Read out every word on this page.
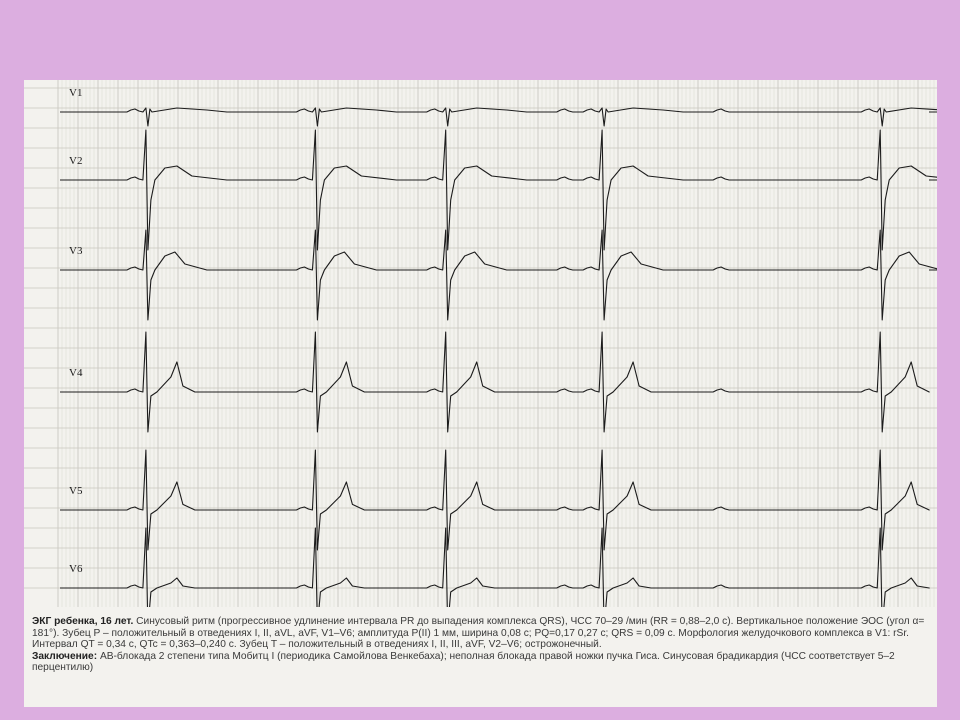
V1
V2
V3
V4
V5
V6

ЭКГ ребенка, 16 лет. Синусовый ритм (прогрессивное удлинение интервала PR до выпадения комплекса QRS), ЧСС 70–29 /мин (RR = 0,88–2,0 с). Вертикальное положение ЭОС (угол α= 181°). Зубец P – положительный в отведениях I, II, aVL, aVF, V1–V6; амплитуда P(II) 1 мм, ширина 0,08 с; PQ=0,17 0,27 с; QRS = 0,09 с. Морфология желудочкового комплекса в V1: rSr. Интервал QT = 0,34 с, QTc = 0,363–0,240 с. Зубец T – положительный в отведениях I, II, III, aVF, V2–V6; острожонечный.

Заключение: АВ-блокада 2 степени типа Мобитц I (периодика Самойлова Венкебаха); неполная блокада правой ножки пучка Гиса. Синусовая брадикардия (ЧСС соответствует 5–2 перцентилю)
